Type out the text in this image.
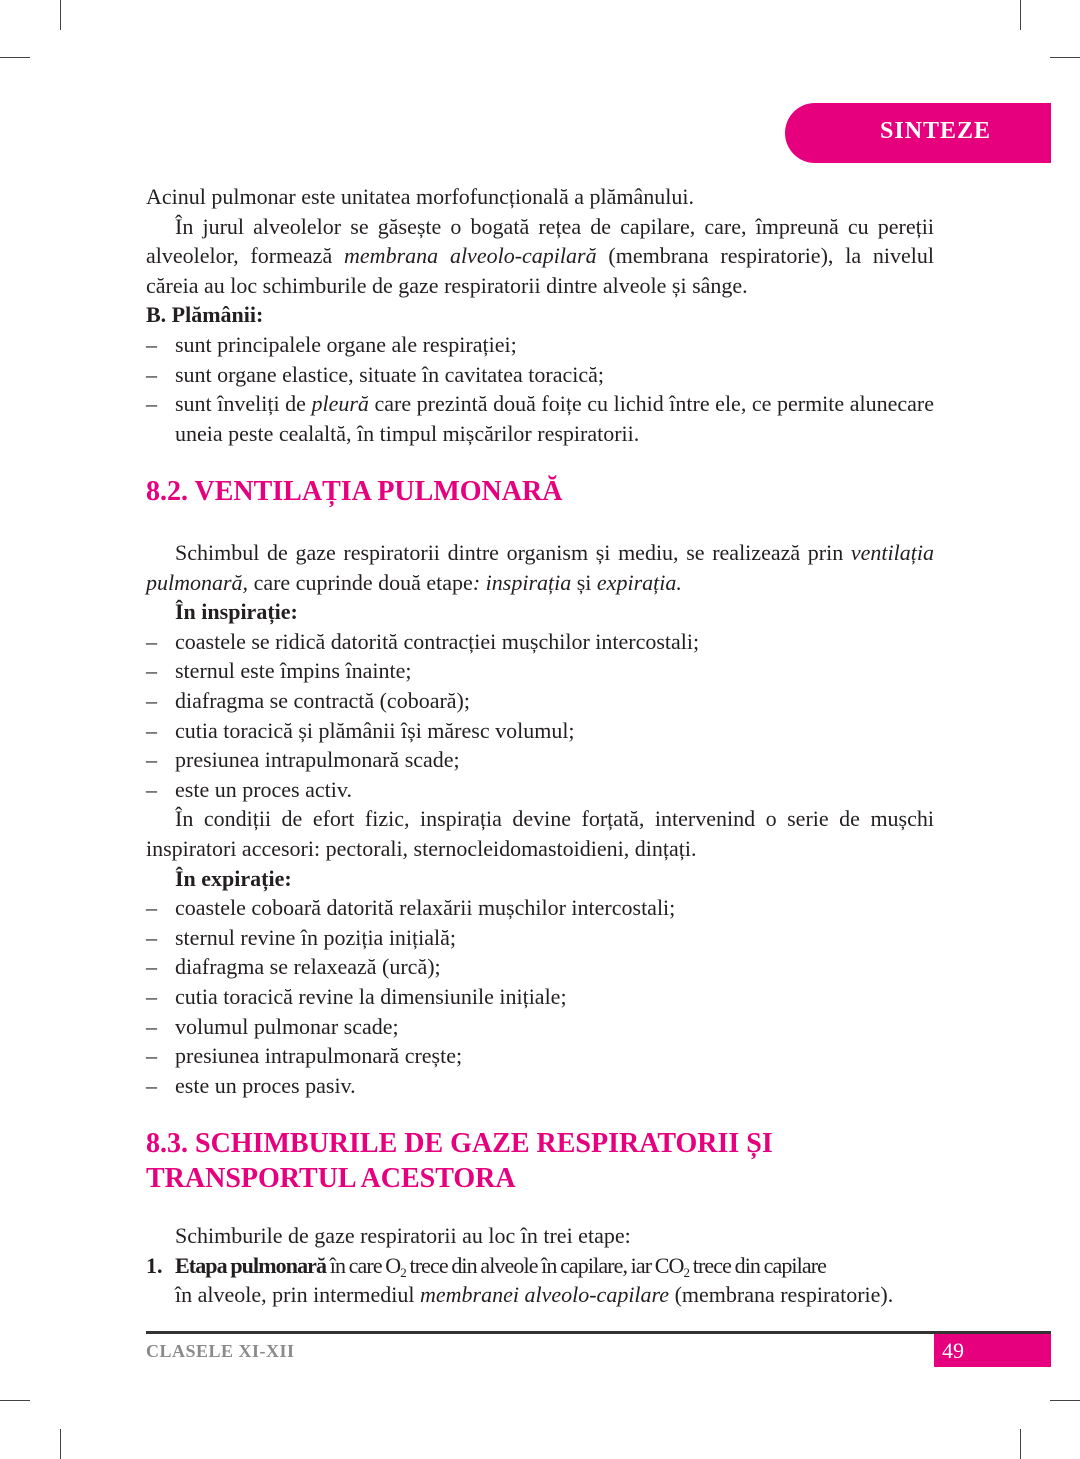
SINTEZE

Acinul pulmonar este unitatea morfofuncțională a plămânului.

În jurul alveolelor se găsește o bogată rețea de capilare, care, împreună cu pereții alveolelor, formează membrana alveolo-capilară (membrana respiratorie), la nivelul căreia au loc schimburile de gaze respiratorii dintre alveole și sânge.

B. Plămânii:

– sunt principalele organe ale respirației;
– sunt organe elastice, situate în cavitatea toracică;
– sunt înveliți de pleură care prezintă două foițe cu lichid între ele, ce permite alunecare uneia peste cealaltă, în timpul mișcărilor respiratorii.
8.2. VENTILAȚIA PULMONARĂ

Schimbul de gaze respiratorii dintre organism și mediu, se realizează prin ventilația pulmonară, care cuprinde două etape: inspirația și expirația.

În inspirație:

– coastele se ridică datorită contracției mușchilor intercostali;
– sternul este împins înainte;
– diafragma se contractă (coboară);
– cutia toracică și plămânii își măresc volumul;
– presiunea intrapulmonară scade;
– este un proces activ.

În condiții de efort fizic, inspirația devine forțată, intervenind o serie de mușchi inspiratori accesori: pectorali, sternocleidomastoidieni, dințați.

În expirație:

– coastele coboară datorită relaxării mușchilor intercostali;
– sternul revine în poziția inițială;
– diafragma se relaxează (urcă);
– cutia toracică revine la dimensiunile inițiale;
– volumul pulmonar scade;
– presiunea intrapulmonară crește;
– este un proces pasiv.
8.3. SCHIMBURILE DE GAZE RESPIRATORII ȘI
TRANSPORTUL ACESTORA

Schimburile de gaze respiratorii au loc în trei etape:

1. Etapa pulmonară în care $O_2$ trece din alveole în capilare, iar $CO_2$ trece din capilare
în alveole, prin intermediul membranei alveolo-capilare (membrana respiratorie).
CLASELE XI-XII	49
